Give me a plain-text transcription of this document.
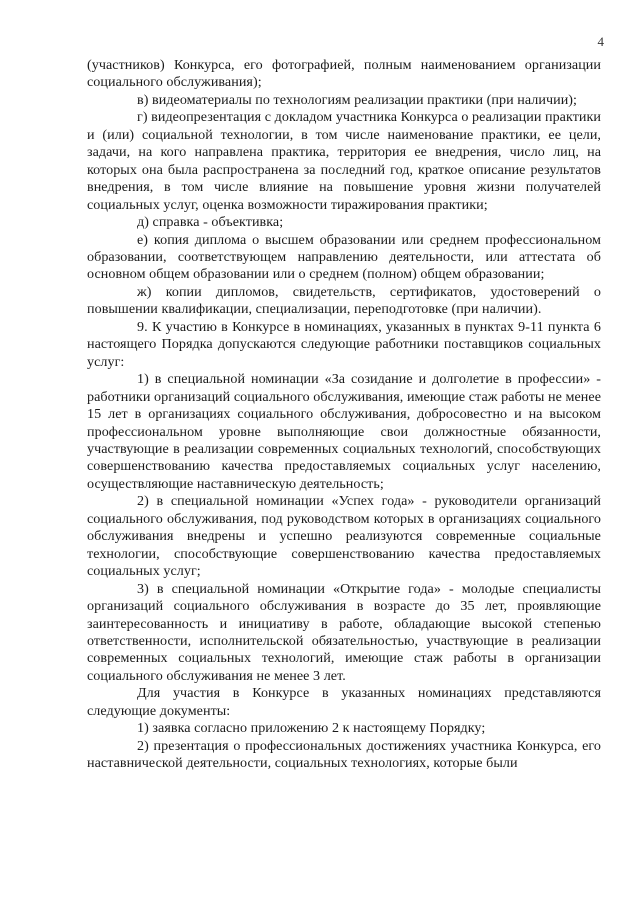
4

(участников) Конкурса, его фотографией, полным наименованием организации социального обслуживания);

в) видеоматериалы по технологиям реализации практики (при наличии);

г) видеопрезентация с докладом участника Конкурса о реализации практики и (или) социальной технологии, в том числе наименование практики, ее цели, задачи, на кого направлена практика, территория ее внедрения, число лиц, на которых она была распространена за последний год, краткое описание результатов внедрения, в том числе влияние на повышение уровня жизни получателей социальных услуг, оценка возможности тиражирования практики;

д) справка - объективка;

е) копия диплома о высшем образовании или среднем профессиональном образовании, соответствующем направлению деятельности, или аттестата об основном общем образовании или о среднем (полном) общем образовании;

ж) копии дипломов, свидетельств, сертификатов, удостоверений о повышении квалификации, специализации, переподготовке (при наличии).

9. К участию в Конкурсе в номинациях, указанных в пунктах 9-11 пункта 6 настоящего Порядка допускаются следующие работники поставщиков социальных услуг:

1) в специальной номинации «За созидание и долголетие в профессии» - работники организаций социального обслуживания, имеющие стаж работы не менее 15 лет в организациях социального обслуживания, добросовестно и на высоком профессиональном уровне выполняющие свои должностные обязанности, участвующие в реализации современных социальных технологий, способствующих совершенствованию качества предоставляемых социальных услуг населению, осуществляющие наставническую деятельность;

2) в специальной номинации «Успех года» - руководители организаций социального обслуживания, под руководством которых в организациях социального обслуживания внедрены и успешно реализуются современные социальные технологии, способствующие совершенствованию качества предоставляемых социальных услуг;

3) в специальной номинации «Открытие года» - молодые специалисты организаций социального обслуживания в возрасте до 35 лет, проявляющие заинтересованность и инициативу в работе, обладающие высокой степенью ответственности, исполнительской обязательностью, участвующие в реализации современных социальных технологий, имеющие стаж работы в организации социального обслуживания не менее 3 лет.

Для участия в Конкурсе в указанных номинациях представляются следующие документы:

1) заявка согласно приложению 2 к настоящему Порядку;

2) презентация о профессиональных достижениях участника Конкурса, его наставнической деятельности, социальных технологиях, которые были
